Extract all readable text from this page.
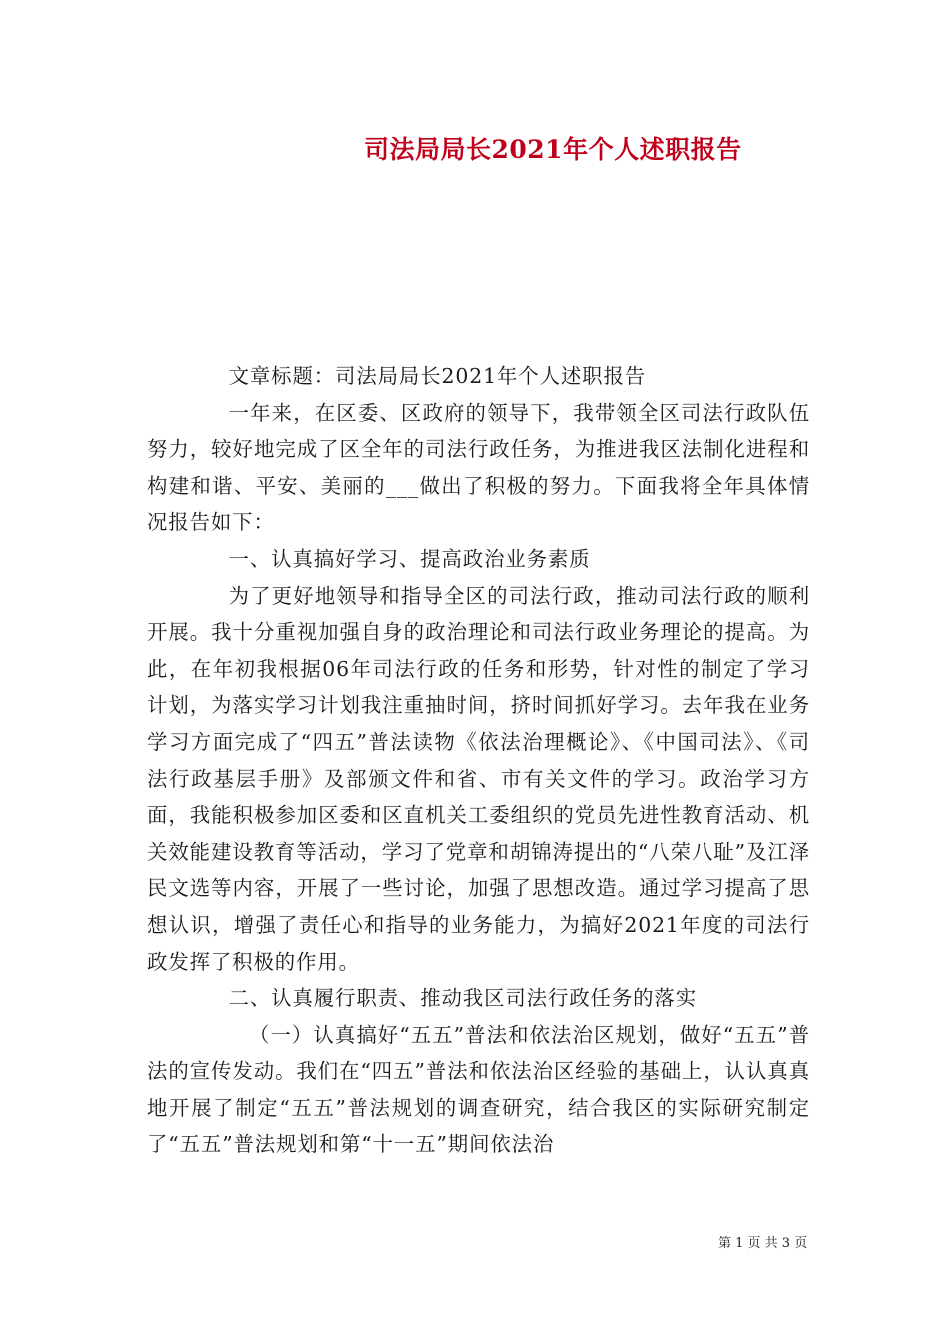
司法局局长2021年个人述职报告

文章标题：司法局局长2021年个人述职报告

一年来，在区委、区政府的领导下，我带领全区司法行政队伍努力，较好地完成了区全年的司法行政任务，为推进我区法制化进程和构建和谐、平安、美丽的___做出了积极的努力。下面我将全年具体情况报告如下：

一、认真搞好学习、提高政治业务素质

为了更好地领导和指导全区的司法行政，推动司法行政的顺利开展。我十分重视加强自身的政治理论和司法行政业务理论的提高。为此，在年初我根据06年司法行政的任务和形势，针对性的制定了学习计划，为落实学习计划我注重抽时间，挤时间抓好学习。去年我在业务学习方面完成了“四五”普法读物《依法治理概论》、《中国司法》、《司法行政基层手册》及部颁文件和省、市有关文件的学习。政治学习方面，我能积极参加区委和区直机关工委组织的党员先进性教育活动、机关效能建设教育等活动，学习了党章和胡锦涛提出的“八荣八耻”及江泽民文选等内容，开展了一些讨论，加强了思想改造。通过学习提高了思想认识，增强了责任心和指导的业务能力，为搞好2021年度的司法行政发挥了积极的作用。

二、认真履行职责、推动我区司法行政任务的落实

（一）认真搞好“五五”普法和依法治区规划，做好“五五”普法的宣传发动。我们在“四五”普法和依法治区经验的基础上，认认真真地开展了制定“五五”普法规划的调查研究，结合我区的实际研究制定了“五五”普法规划和第“十一五”期间依法治

第 1 页 共 3 页
